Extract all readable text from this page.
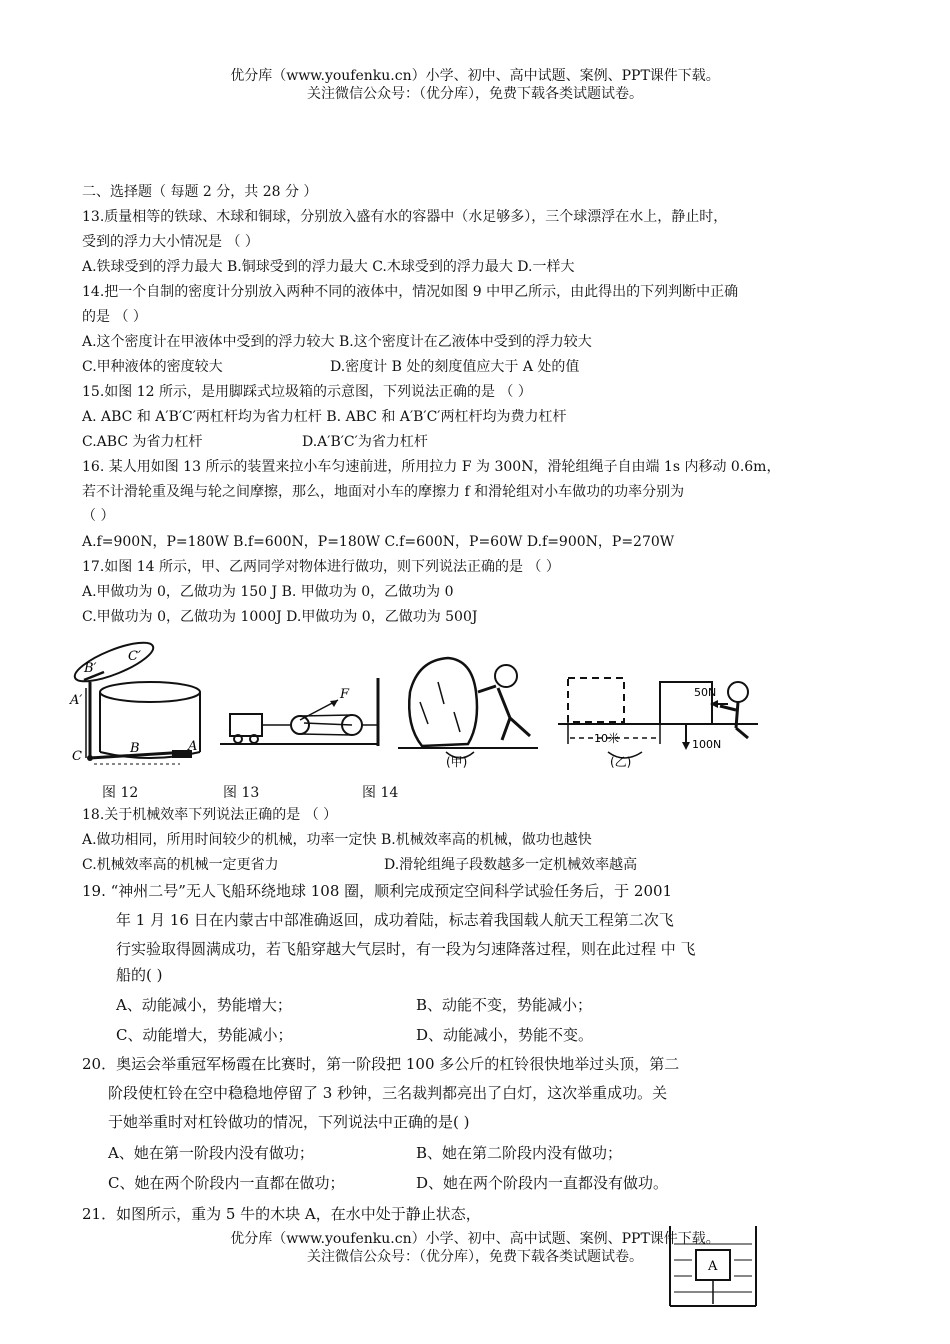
优分库（www.youfenku.cn）小学、初中、高中试题、案例、PPT课件下载。
关注微信公众号：（优分库），免费下载各类试题试卷。
二、选择题（ 每题 2 分，共 28 分 ）
13.质量相等的铁球、木球和铜球，分别放入盛有水的容器中（水足够多），三个球漂浮在水上，静止时，
受到的浮力大小情况是 （ ）
A.铁球受到的浮力最大 B.铜球受到的浮力最大 C.木球受到的浮力最大 D.一样大
14.把一个自制的密度计分别放入两种不同的液体中，情况如图 9 中甲乙所示，由此得出的下列判断中正确
的是 （ ）
A.这个密度计在甲液体中受到的浮力较大 B.这个密度计在乙液体中受到的浮力较大
C.甲种液体的密度较大	D.密度计 B 处的刻度值应大于 A 处的值
15.如图 12 所示，是用脚踩式垃圾箱的示意图，下列说法正确的是 （ ）
A. ABC 和 A′B′C′两杠杆均为省力杠杆 B. ABC 和 A′B′C′两杠杆均为费力杠杆
C.ABC 为省力杠杆	D.A′B′C′为省力杠杆
16. 某人用如图 13 所示的装置来拉小车匀速前进，所用拉力 F 为 300N，滑轮组绳子自由端 1s 内移动 0.6m，
若不计滑轮重及绳与轮之间摩擦，那么，地面对小车的摩擦力 f 和滑轮组对小车做功的功率分别为
（ ）
A.f=900N，P=180W B.f=600N，P=180W C.f=600N，P=60W D.f=900N，P=270W
17.如图 14 所示，甲、乙两同学对物体进行做功，则下列说法正确的是 （ ）
A.甲做功为 0，乙做功为 150 J B. 甲做功为 0，乙做功为 0
C.甲做功为 0，乙做功为 1000J D.甲做功为 0，乙做功为 500J
B′
C′
A′
C
B	A
图 12
F
图 13
(甲)
10米	100N
50N
(乙)
图 14
18.关于机械效率下列说法正确的是 （ ）
A.做功相同，所用时间较少的机械，功率一定快 B.机械效率高的机械，做功也越快
C.机械效率高的机械一定更省力	D.滑轮组绳子段数越多一定机械效率越高
19. “神州二号”无人飞船环绕地球 108 圈，顺利完成预定空间科学试验任务后，于 2001
年 1 月 16 日在内蒙古中部准确返回，成功着陆，标志着我国载人航天工程第二次飞
行实验取得圆满成功，若飞船穿越大气层时，有一段为匀速降落过程，则在此过程 中 飞
船的( )
A、动能减小，势能增大；	B、动能不变，势能减小；
C、动能增大，势能减小；	D、动能减小，势能不变。
20．奥运会举重冠军杨霞在比赛时，第一阶段把 100 多公斤的杠铃很快地举过头顶，第二
阶段使杠铃在空中稳稳地停留了 3 秒钟，三名裁判都亮出了白灯，这次举重成功。关
于她举重时对杠铃做功的情况，下列说法中正确的是( )
A、她在第一阶段内没有做功；	B、她在第二阶段内没有做功；
C、她在两个阶段内一直都在做功；	D、她在两个阶段内一直都没有做功。
21．如图所示，重为 5 牛的木块 A，在水中处于静止状态，
A
优分库（www.youfenku.cn）小学、初中、高中试题、案例、PPT课件下载。
关注微信公众号：（优分库），免费下载各类试题试卷。
